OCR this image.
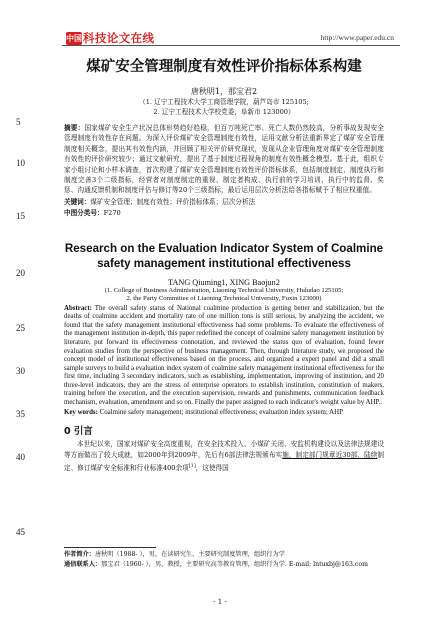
中国 科技论文在线	http://www.paper.edu.cn
5
10
15
20
25
30
35
40
45
煤矿安全管理制度有效性评价指标体系构建
唐秋明1，那宝君2
（1. 辽宁工程技术大学工商管理学院，葫芦岛市 125105;
2. 辽宁工程技术大学校党委，阜新市 123000）
摘要：国家煤矿安全生产状况总体形势趋好趋稳，但百万吨死亡率、死亡人数仍然较高，分析事故发现安全管理制度有效性存在问题。为深入评价煤矿安全管理制度有效性，运用文献分析法重新界定了煤矿安全管理制度相关概念，提出其有效性内涵，并回顾了相关评价研究现状，发现从企业管理角度对煤矿安全管理制度有效性的评价研究较少；通过文献研究，提出了基于制度过程视角的制度有效性概念模型。基于此，组织专家小组讨论和小样本调查，首次构建了煤矿安全管理制度有效性评价指标体系，包括制度制定、制度执行和制度完善3个二级指标，经营者对制度制定的重视、制定者构成、执行前的学习培训、执行中的监督、奖惩、沟通反馈机制和制度评估与修订等20个三级指标，最后运用层次分析法给各指标赋予了相应权重值。
关键词：煤矿安全管理；制度有效性；评价指标体系；层次分析法
中图分类号：F270
Research on the Evaluation Indicator System of Coalmine safety management institutional effectiveness
TANG Qiuming1, XING Baojun2
(1. College of Business Administration, Liaoning Technical University, Huludao 125105;
2. the Party Committee of Liaoning Technical University, Fuxin 123000)
Abstract: The overall safety status of National coalmine production is getting better and stabilization, but the deaths of coalmine accident and mortality rate of one million tons is still serious, by analyzing the accident, we found that the safety management institutional effectiveness had some problems. To evaluate the effectiveness of the management institution in-depth, this paper redefined the concept of coalmine safety management institution by literature, put forward its effectiveness connotation, and reviewed the status quo of evaluation, found fewer evaluation studies from the perspective of business management. Then, through literature study, we proposed the concept model of institutional effectiveness based on the process, and organized a expert panel and did a small sample surveys to build a evaluation index system of coalmine safety management institutional effectiveness for the first time, including 3 secondary indicators, such as establishing, implementation, improving of institution, and 20 three-level indicators, they are the stress of enterprise operators to establish institution, constitution of makers, training before the execution, and the execution supervision, rewards and punishments, communication feedback mechanism, evaluation, amendment and so on. Finally the paper assigned to each indicator's weight value by AHP..
Key words: Coalmine safety management; institutional effectiveness; evaluation index system; AHP
0 引言
本世纪以来，国家对煤矿安全高度重视，在安全技术投入、小煤矿关闭、安监机构建设以及法律法规建设等方面做出了较大成就，如2000年到2009年，先后有6部法律法规颁布实施，制定部门规章近30部，陆续制定、修订煤矿安全标准和行业标准400余项[1]，这使得国
作者简介：唐秋明（1988- ），男，在读研究生，主要研究制度管理，组织行为学
通信联系人：那宝君（1960- ），男，教授，主要研究高等教育管理，组织行为学. E-mail: lntuxbj@163.com
- 1 -
